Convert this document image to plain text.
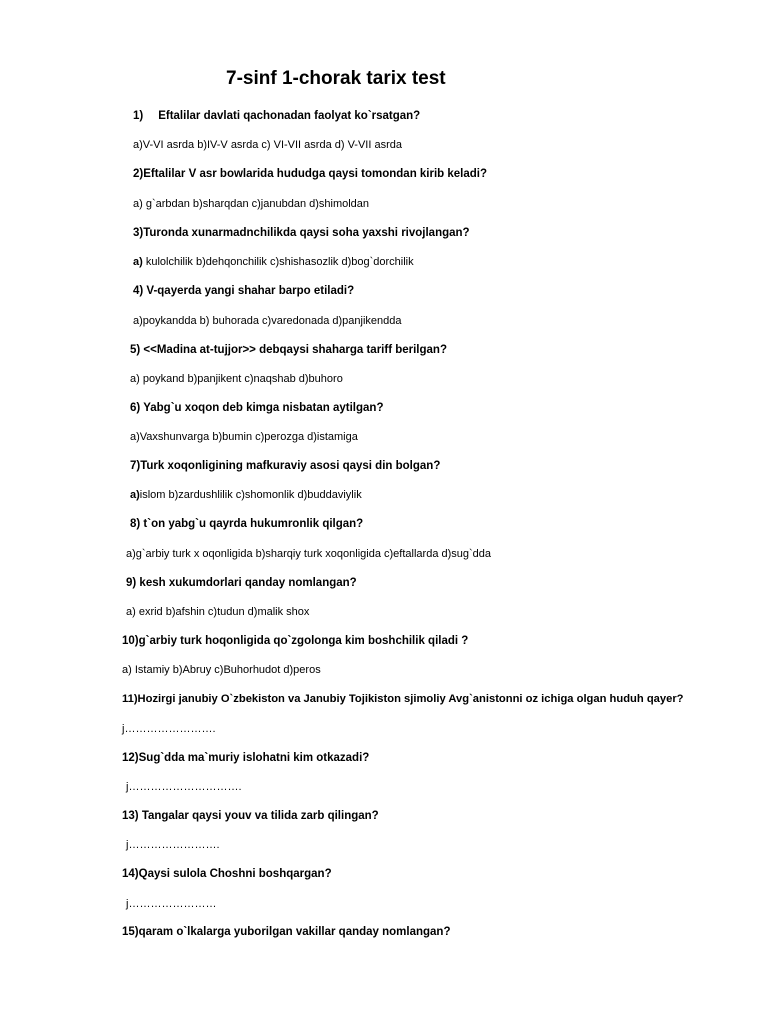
7-sinf 1-chorak tarix test
1) Eftalilar davlati qachonadan faolyat ko`rsatgan?
a)V-VI asrda b)IV-V asrda c) VI-VII asrda d) V-VII asrda
2)Eftalilar V asr bowlarida hududga qaysi tomondan kirib keladi?
a) g`arbdan b)sharqdan c)janubdan d)shimoldan
3)Turonda xunarmadnchilikda qaysi soha yaxshi rivojlangan?
a) kulolchilik b)dehqonchilik c)shishasozlik d)bog`dorchilik
4) V-qayerda yangi shahar barpo etiladi?
a)poykandda b) buhorada c)varedonada d)panjikendda
5) <<Madina at-tujjor>> debqaysi shaharga tariff berilgan?
a) poykand b)panjikent c)naqshab d)buhoro
6) Yabg`u xoqon deb kimga nisbatan aytilgan?
a)Vaxshunvarga b)bumin c)perozga d)istamiga
7)Turk xoqonligining mafkuraviy asosi qaysi din bolgan?
a)islom b)zardushlilik c)shomonlik d)buddaviylik
8) t`on yabg`u qayrda hukumronlik qilgan?
a)g`arbiy turk x oqonligida b)sharqiy turk xoqonligida c)eftallarda d)sug`dda
9) kesh xukumdorlari qanday nomlangan?
a) exrid b)afshin c)tudun d)malik shox
10)g`arbiy turk hoqonligida qo`zgolonga kim boshchilik qiladi ?
a) Istamiy b)Abruy c)Buhorhudot d)peros
11)Hozirgi janubiy O`zbekiston va Janubiy Tojikiston sjimoliy Avg`anistonni oz ichiga olgan huduh qayer?
j…………………….
12)Sug`dda ma`muriy islohatni kim otkazadi?
j………………………….
13) Tangalar qaysi youv va tilida zarb qilingan?
j…………………….
14)Qaysi sulola Choshni boshqargan?
j……………………
15)qaram o`lkalarga yuborilgan vakillar qanday nomlangan?
